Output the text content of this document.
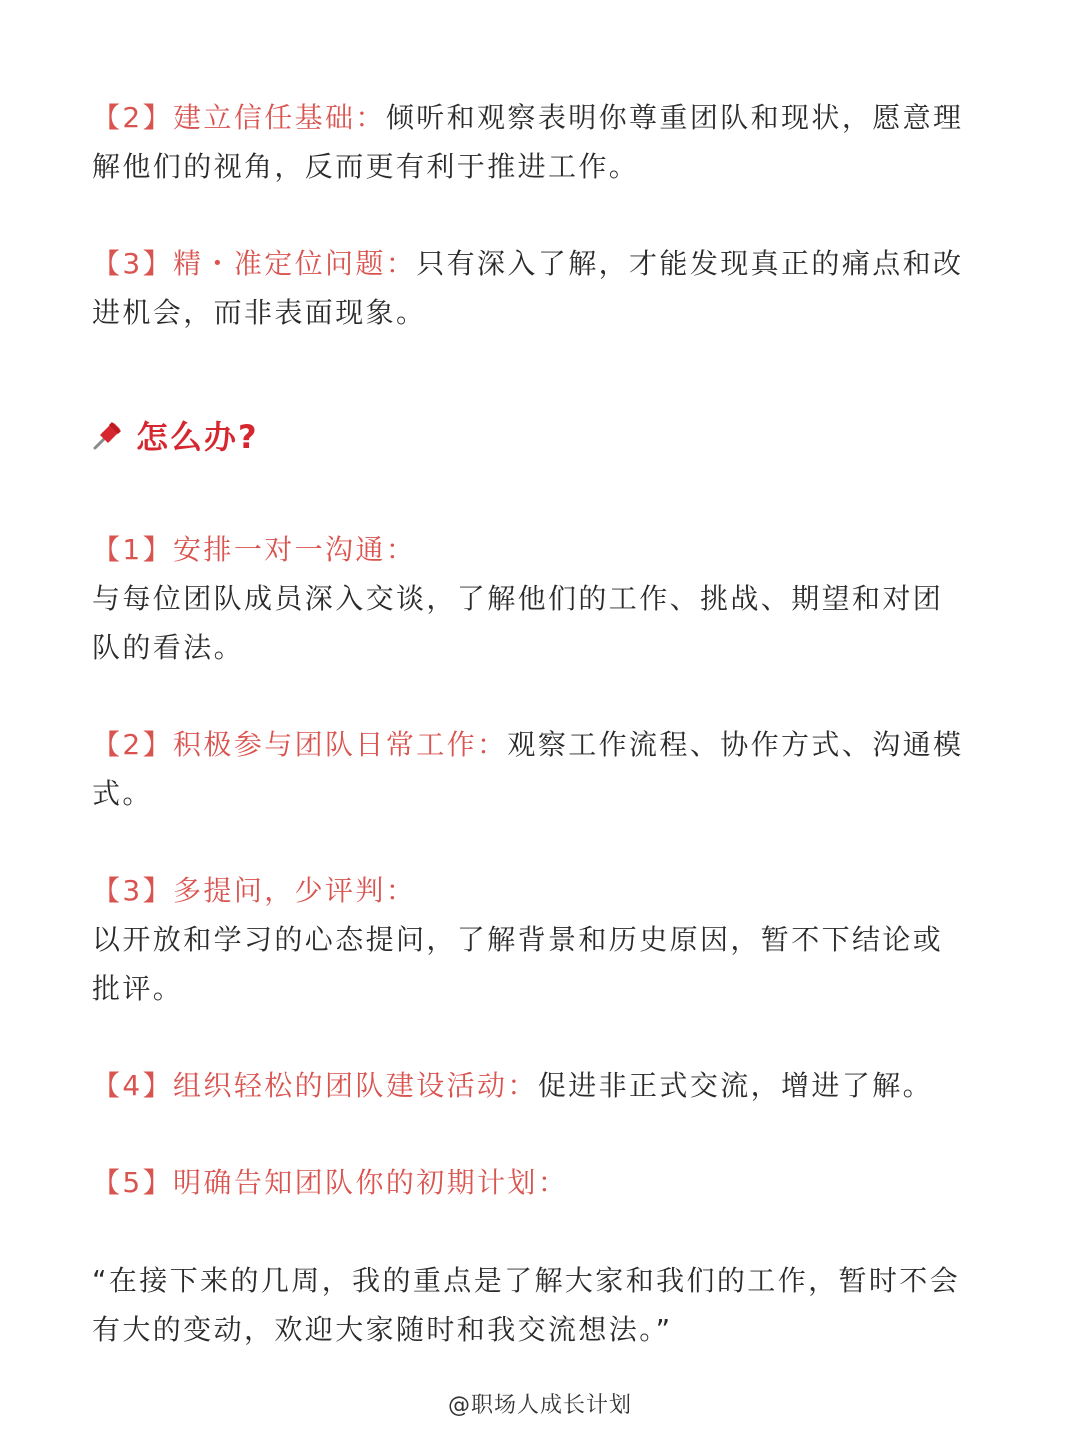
【2】建立信任基础：倾听和观察表明你尊重团队和现状，愿意理解他们的视角，反而更有利于推进工作。

【3】精・准定位问题：只有深入了解，才能发现真正的痛点和改进机会，而非表面现象。

怎么办?
【1】安排一对一沟通：
与每位团队成员深入交谈，了解他们的工作、挑战、期望和对团队的看法。

【2】积极参与团队日常工作：观察工作流程、协作方式、沟通模式。

【3】多提问，少评判：
以开放和学习的心态提问，了解背景和历史原因，暂不下结论或批评。

【4】组织轻松的团队建设活动：促进非正式交流，增进了解。

【5】明确告知团队你的初期计划：

“在接下来的几周，我的重点是了解大家和我们的工作，暂时不会有大的变动，欢迎大家随时和我交流想法。”

@职场人成长计划
